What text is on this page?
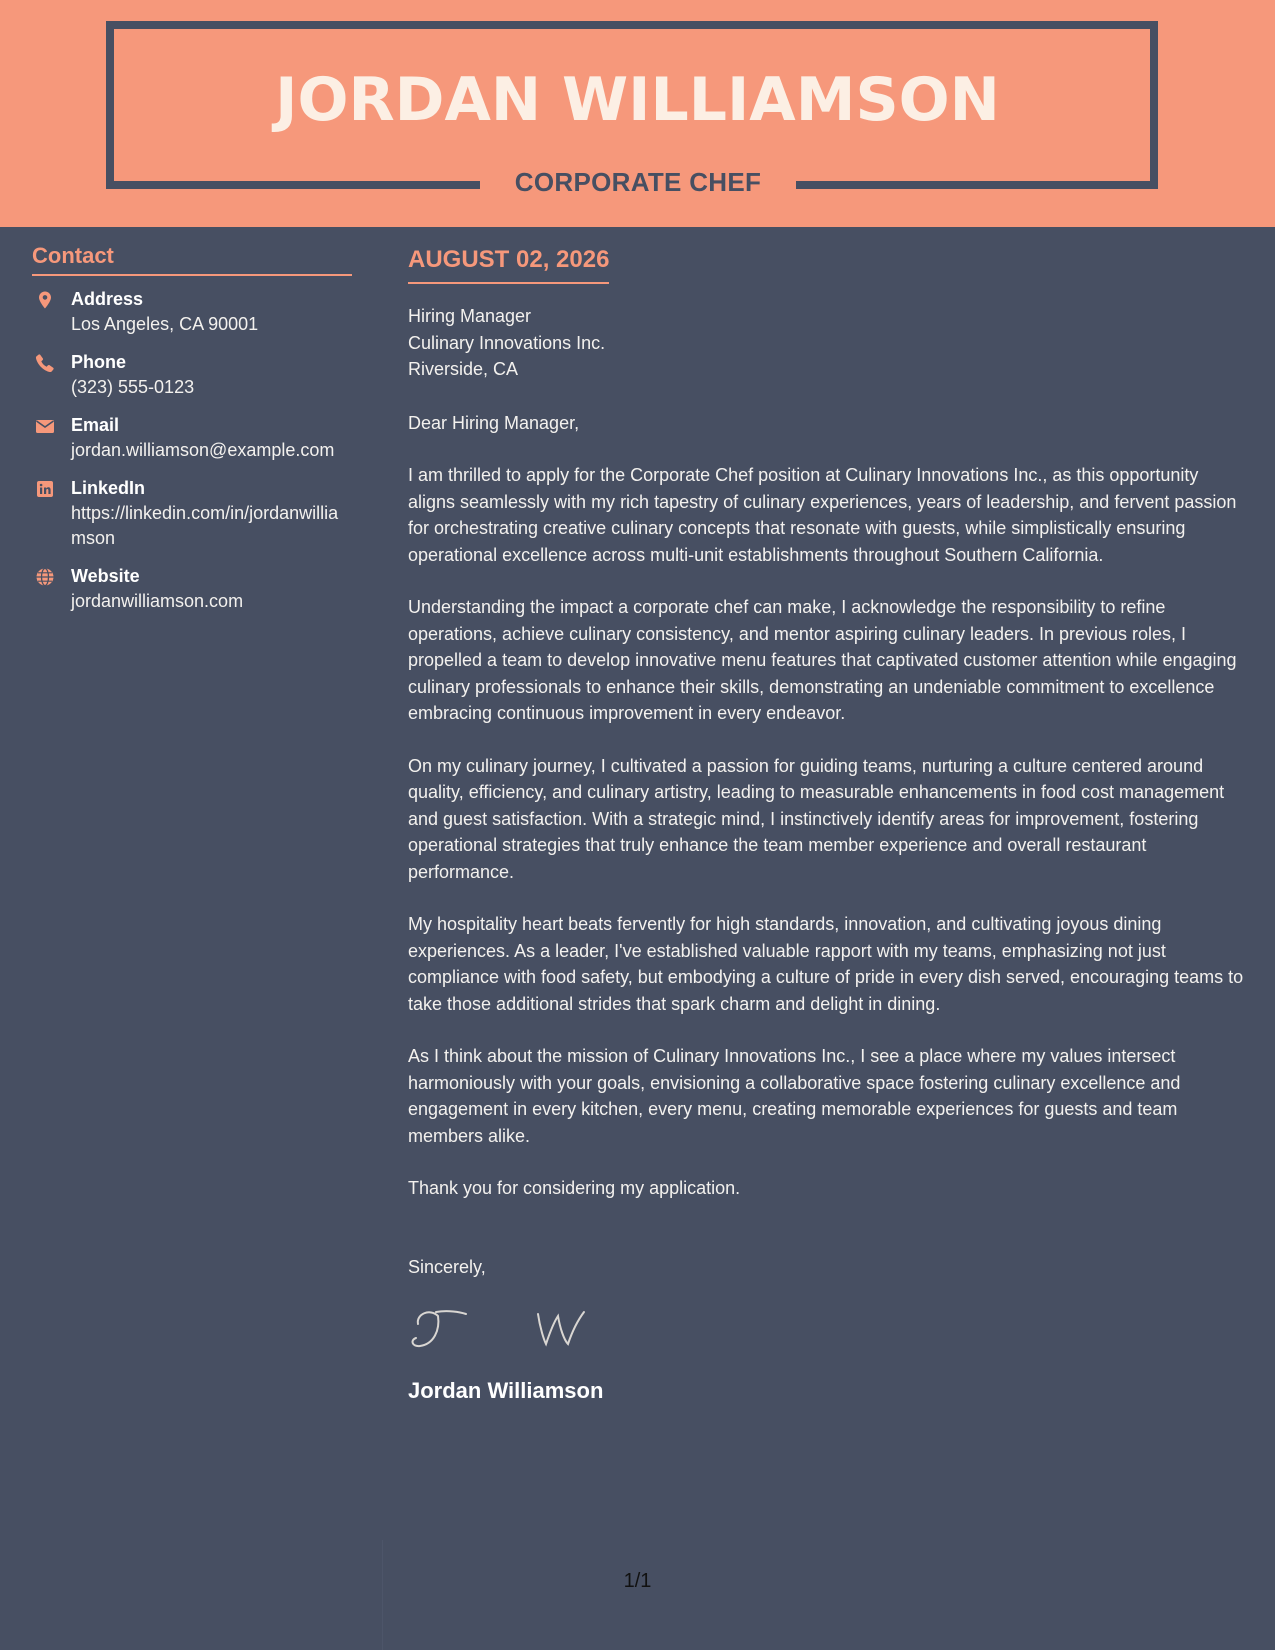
JORDAN WILLIAMSON
CORPORATE CHEF
Contact
Address
Los Angeles, CA 90001
Phone
(323) 555-0123
Email
jordan.williamson@example.com
LinkedIn
https://linkedin.com/in/jordanwilliamson
Website
jordanwilliamson.com
AUGUST 02, 2026
Hiring Manager
Culinary Innovations Inc.
Riverside, CA
Dear Hiring Manager,

I am thrilled to apply for the Corporate Chef position at Culinary Innovations Inc., as this opportunity aligns seamlessly with my rich tapestry of culinary experiences, years of leadership, and fervent passion for orchestrating creative culinary concepts that resonate with guests, while simplistically ensuring operational excellence across multi-unit establishments throughout Southern California.

Understanding the impact a corporate chef can make, I acknowledge the responsibility to refine operations, achieve culinary consistency, and mentor aspiring culinary leaders. In previous roles, I propelled a team to develop innovative menu features that captivated customer attention while engaging culinary professionals to enhance their skills, demonstrating an undeniable commitment to excellence embracing continuous improvement in every endeavor.

On my culinary journey, I cultivated a passion for guiding teams, nurturing a culture centered around quality, efficiency, and culinary artistry, leading to measurable enhancements in food cost management and guest satisfaction. With a strategic mind, I instinctively identify areas for improvement, fostering operational strategies that truly enhance the team member experience and overall restaurant performance.

My hospitality heart beats fervently for high standards, innovation, and cultivating joyous dining experiences. As a leader, I've established valuable rapport with my teams, emphasizing not just compliance with food safety, but embodying a culture of pride in every dish served, encouraging teams to take those additional strides that spark charm and delight in dining.

As I think about the mission of Culinary Innovations Inc., I see a place where my values intersect harmoniously with your goals, envisioning a collaborative space fostering culinary excellence and engagement in every kitchen, every menu, creating memorable experiences for guests and team members alike.

Thank you for considering my application.

Sincerely,
Jordan Williamson
1/1
